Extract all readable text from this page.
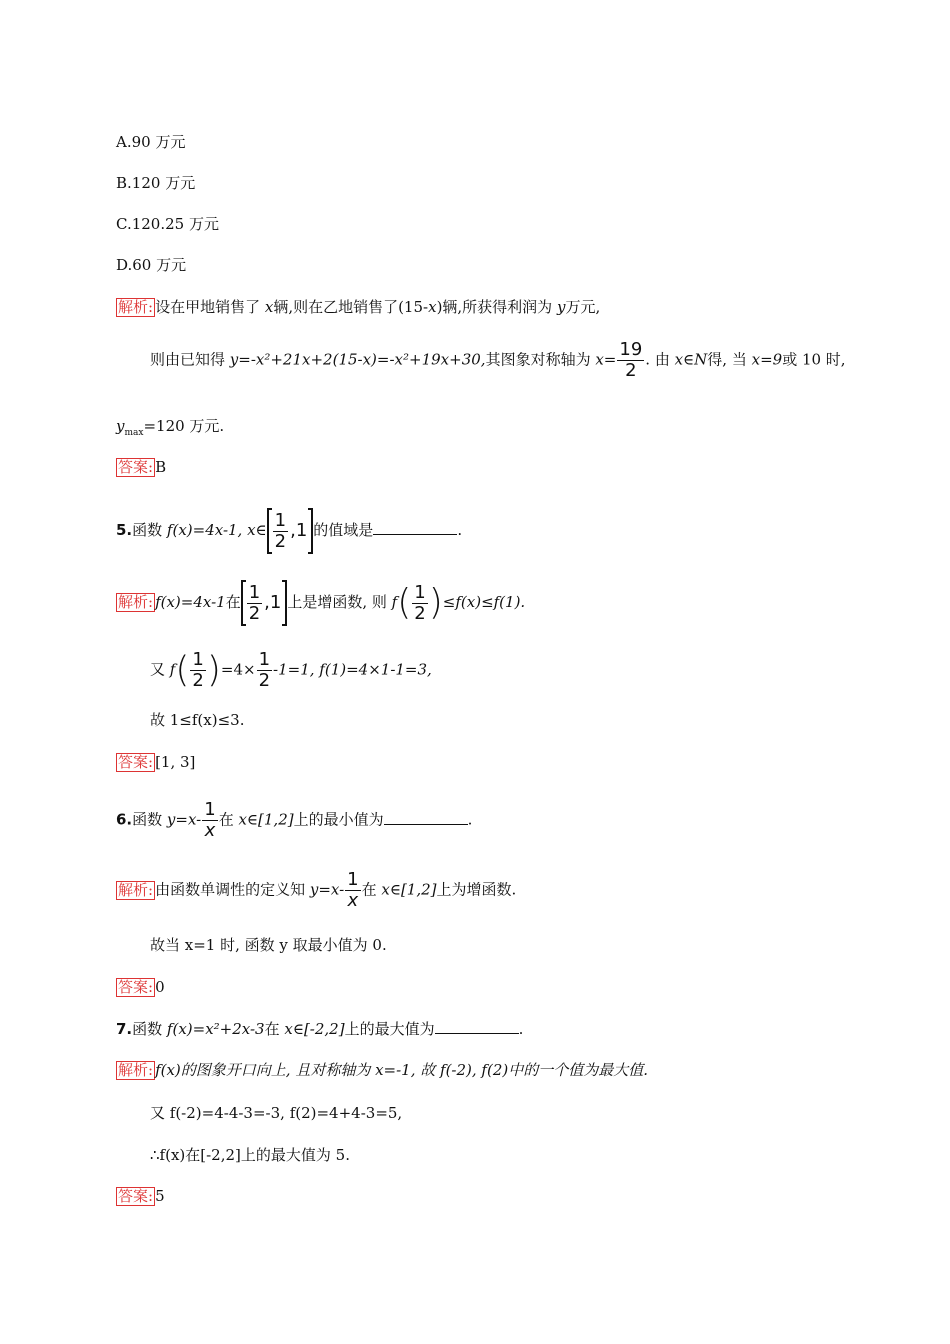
A.90 万元
B.120 万元
C.120.25 万元
D.60 万元
解析: 设在甲地销售了 x辆,则在乙地销售了(15-x)辆,所获得利润为 y万元,
则由已知得 y=-x²+21x+2(15-x)=-x²+19x+30,其图象对称轴为 $x= \frac{19}{2}$ . 由 x∈N得, 当 x=9或 10 时,
$y_{max}=120$ 万元.
答案: B
5.函数 f(x)=4x-1, x∈ $\frac{1}{2} ,1$ 的值域是	.
解析: f(x)=4x-1在 $\frac{1}{2} ,1$ 上是增函数, 则 $f( \frac{1}{2} )\le f(x)\le f(1)$.
又 $f( \frac{1}{2} )=4\times \frac{1}{2} -1=1$, f(1)=4×1-1=3,
故 1≤f(x)≤3.
答案: [1, 3]
6.函数 $y=x- \frac{1}{x}$ 在 x∈[1,2]上的最小值为	.
解析: 由函数单调性的定义知 $y=x- \frac{1}{x}$ 在 x∈[1,2]上为增函数.
故当 x=1 时, 函数 y 取最小值为 0.
答案: 0
7.函数 f(x)=x²+2x-3在 x∈[-2,2]上的最大值为	.
解析: f(x)的图象开口向上, 且对称轴为 x=-1, 故 f(-2), f(2)中的一个值为最大值.
又 f(-2)=4-4-3=-3, f(2)=4+4-3=5,
∴f(x)在[-2,2]上的最大值为 5.
答案: 5
